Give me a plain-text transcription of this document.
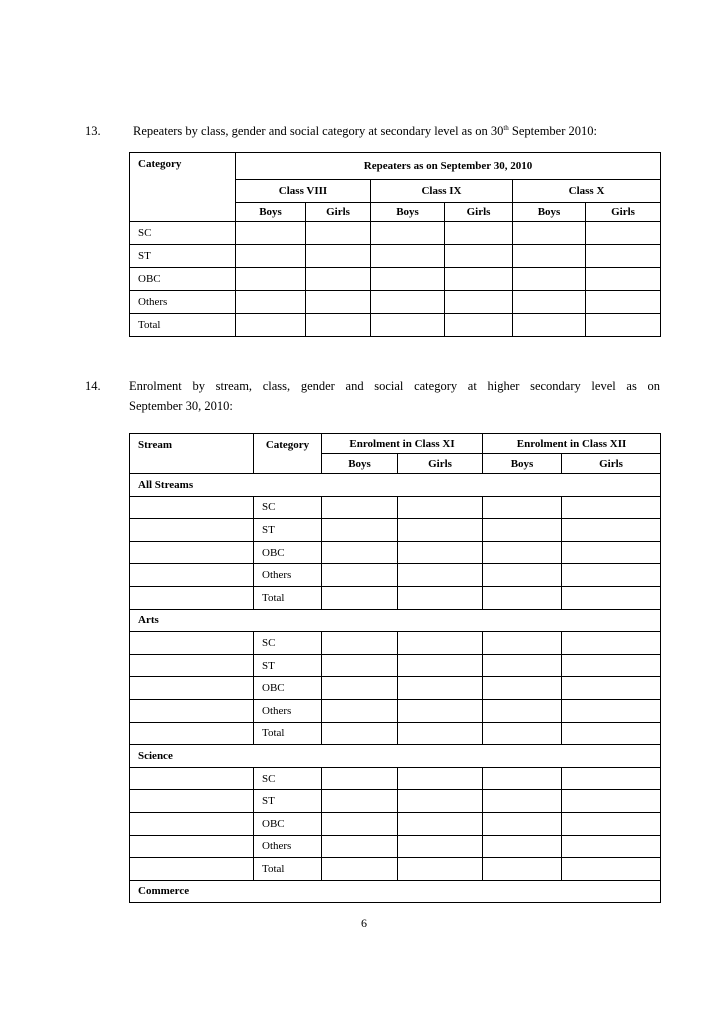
13.	Repeaters by class, gender and social category at secondary level as on 30th September 2010:
Category	Repeaters as on September 30, 2010					
	Class VIII		Class IX		Class X	
	Boys	Girls	Boys	Girls	Boys	Girls
SC						
ST						
OBC						
Others						
Total						
14. Enrolment by stream, class, gender and social category at higher secondary level as on
September 30, 2010:
Stream	Category	Enrolment in Class XI		Enrolment in Class XII	
		Boys	Girls	Boys	Girls
All Streams					
	SC				
	ST				
	OBC				
	Others				
	Total				
Arts					
	SC				
	ST				
	OBC				
	Others				
	Total				
Science					
	SC				
	ST				
	OBC				
	Others				
	Total				
Commerce					
6
